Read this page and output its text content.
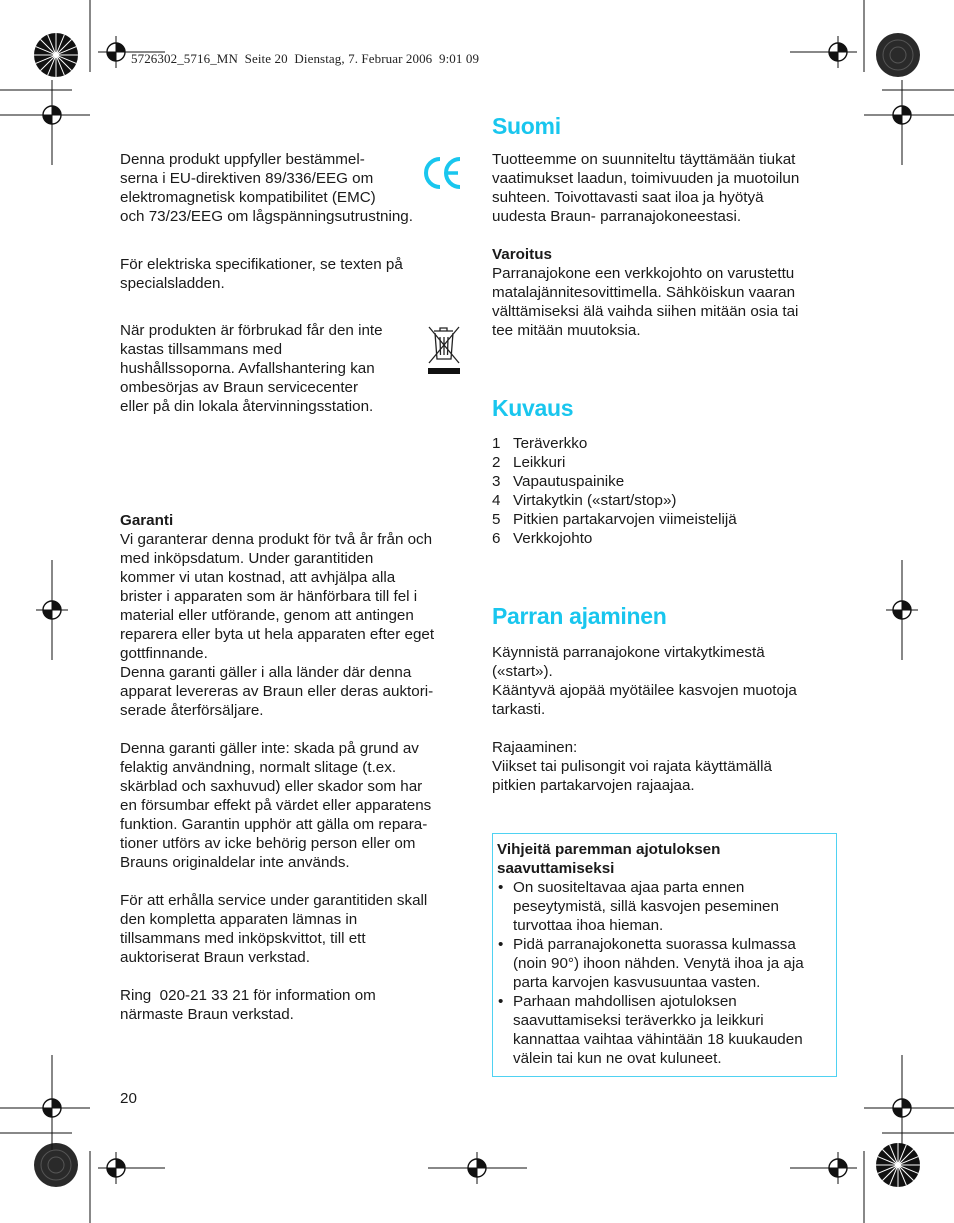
5726302_5716_MN  Seite 20  Dienstag, 7. Februar 2006  9:01 09

Denna produkt uppfyller bestämmel-

serna i EU-direktiven 89/336/EEG om

elektromagnetisk kompatibilitet (EMC)

och 73/23/EEG om lågspänningsutrustning.

För elektriska specifikationer, se texten på

specialsladden.

När produkten är förbrukad får den inte

kastas tillsammans med

hushållssoporna. Avfallshantering kan

ombesörjas av Braun servicecenter

eller på din lokala återvinningsstation.

Garanti

Vi garanterar denna produkt för två år från och

med inköpsdatum. Under garantitiden

kommer vi utan kostnad, att avhjälpa alla

brister i apparaten som är hänförbara till fel i

material eller utförande, genom att antingen

reparera eller byta ut hela apparaten efter eget

gottfinnande.

Denna garanti gäller i alla länder där denna

apparat levereras av Braun eller deras auktori-

serade återförsäljare.

Denna garanti gäller inte: skada på grund av

felaktig användning, normalt slitage (t.ex.

skärblad och saxhuvud) eller skador som har

en försumbar effekt på värdet eller apparatens

funktion. Garantin upphör att gälla om repara-

tioner utförs av icke behörig person eller om

Brauns originaldelar inte används.

För att erhålla service under garantitiden skall

den kompletta apparaten lämnas in

tillsammans med inköpskvittot, till ett

auktoriserat Braun verkstad.

Ring  020-21 33 21 för information om

närmaste Braun verkstad.

20
Suomi

Tuotteemme on suunniteltu täyttämään tiukat

vaatimukset laadun, toimivuuden ja muotoilun

suhteen. Toivottavasti saat iloa ja hyötyä

uudesta Braun- parranajokoneestasi.

Varoitus

Parranajokone een verkkojohto on varustettu

matalajännitesovittimella. Sähköiskun vaaran

välttämiseksi älä vaihda siihen mitään osia tai

tee mitään muutoksia.

Kuvaus
1 Teräverkko
2 Leikkuri
3 Vapautuspainike
4 Virtakytkin («start/stop»)
5 Pitkien partakarvojen viimeistelijä
6 Verkkojohto
Parran ajaminen

Käynnistä parranajokone virtakytkimestä

(«start»).

Kääntyvä ajopää myötäilee kasvojen muotoja

tarkasti.

Rajaaminen:

Viikset tai pulisongit voi rajata käyttämällä

pitkien partakarvojen rajaajaa.

Vihjeitä paremman ajotuloksen

saavuttamiseksi

• On suositeltavaa ajaa parta ennen

peseytymistä, sillä kasvojen peseminen

turvottaa ihoa hieman.

• Pidä parranajokonetta suorassa kulmassa

(noin 90°) ihoon nähden. Venytä ihoa ja aja

parta karvojen kasvusuuntaa vasten.

• Parhaan mahdollisen ajotuloksen

saavuttamiseksi teräverkko ja leikkuri

kannattaa vaihtaa vähintään 18 kuukauden

välein tai kun ne ovat kuluneet.
